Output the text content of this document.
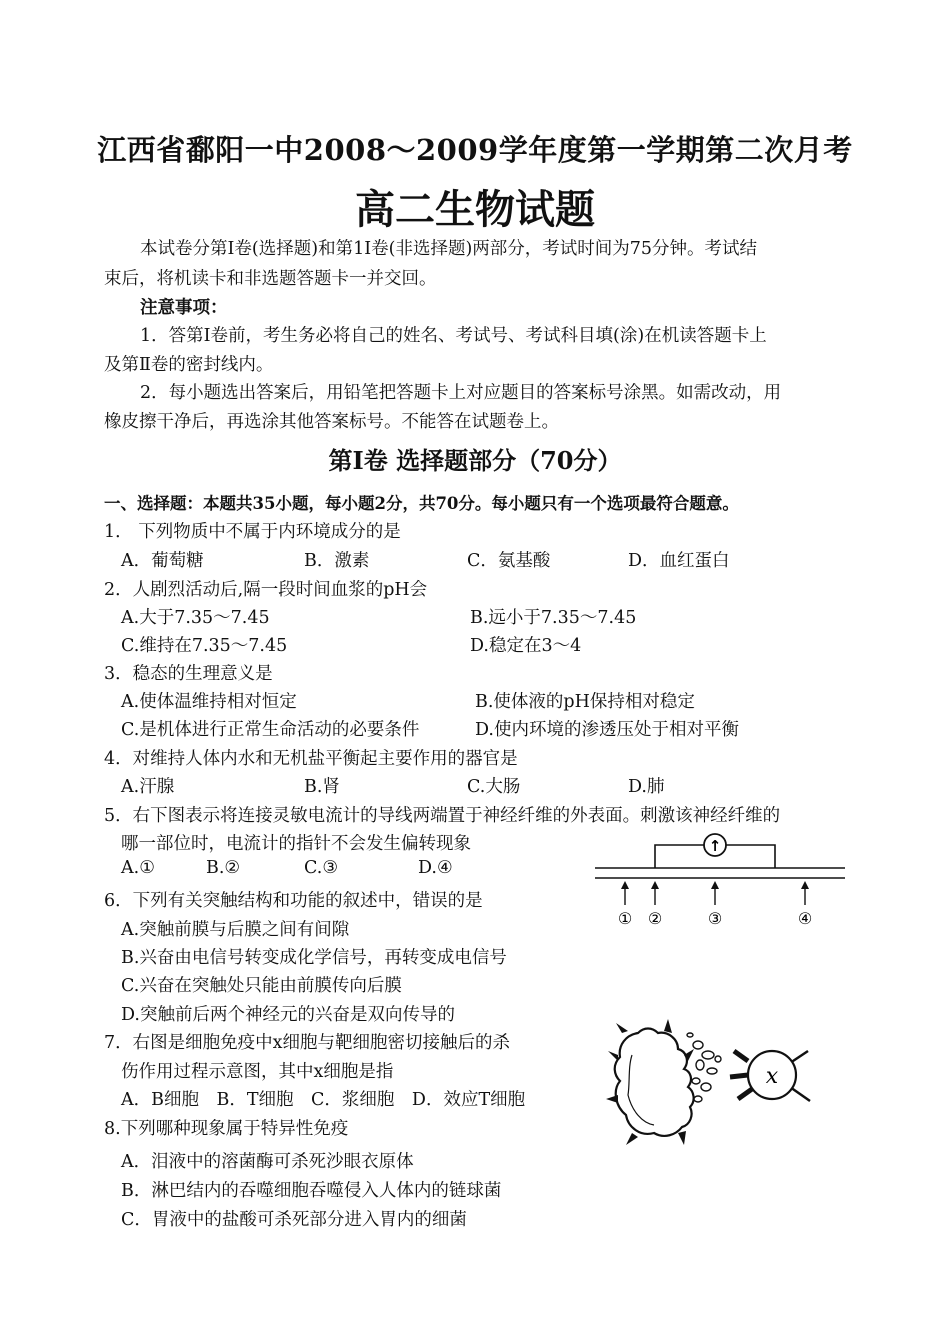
江西省鄱阳一中2008～2009学年度第一学期第二次月考
高二生物试题
本试卷分第Ⅰ卷(选择题)和第1I卷(非选择题)两部分，考试时间为75分钟。考试结
束后，将机读卡和非选题答题卡一并交回。
注意事项：
1．答第Ⅰ卷前，考生务必将自己的姓名、考试号、考试科目填(涂)在机读答题卡上
及第Ⅱ卷的密封线内。
2．每小题选出答案后，用铅笔把答题卡上对应题目的答案标号涂黑。如需改动，用
橡皮擦干净后，再选涂其他答案标号。不能答在试题卷上。
第Ⅰ卷 选择题部分（70分）
一、选择题：本题共35小题，每小题2分，共70分。每小题只有一个选项最符合题意。
1． 下列物质中不属于内环境成分的是
A．葡萄糖	B．激素	C．氨基酸	D．血红蛋白
2．人剧烈活动后,隔一段时间血浆的pH会
A.大于7.35～7.45	B.远小于7.35～7.45
C.维持在7.35～7.45	D.稳定在3～4
3．稳态的生理意义是
A.使体温维持相对恒定	B.使体液的pH保持相对稳定
C.是机体进行正常生命活动的必要条件	D.使内环境的渗透压处于相对平衡
4．对维持人体内水和无机盐平衡起主要作用的器官是
A.汗腺	B.肾	C.大肠	D.肺
5．右下图表示将连接灵敏电流计的导线两端置于神经纤维的外表面。刺激该神经纤维的
哪一部位时，电流计的指针不会发生偏转现象
A.①	B.②	C.③	D.④
↑
① ②	③	④
6．下列有关突触结构和功能的叙述中，错误的是
A.突触前膜与后膜之间有间隙
B.兴奋由电信号转变成化学信号，再转变成电信号
C.兴奋在突触处只能由前膜传向后膜
D.突触前后两个神经元的兴奋是双向传导的
7．右图是细胞免疫中x细胞与靶细胞密切接触后的杀
伤作用过程示意图，其中x细胞是指
A．B细胞　B．T细胞　C．浆细胞　D．效应T细胞
x
8.下列哪种现象属于特异性免疫
A．泪液中的溶菌酶可杀死沙眼衣原体
B．淋巴结内的吞噬细胞吞噬侵入人体内的链球菌
C．胃液中的盐酸可杀死部分进入胃内的细菌
